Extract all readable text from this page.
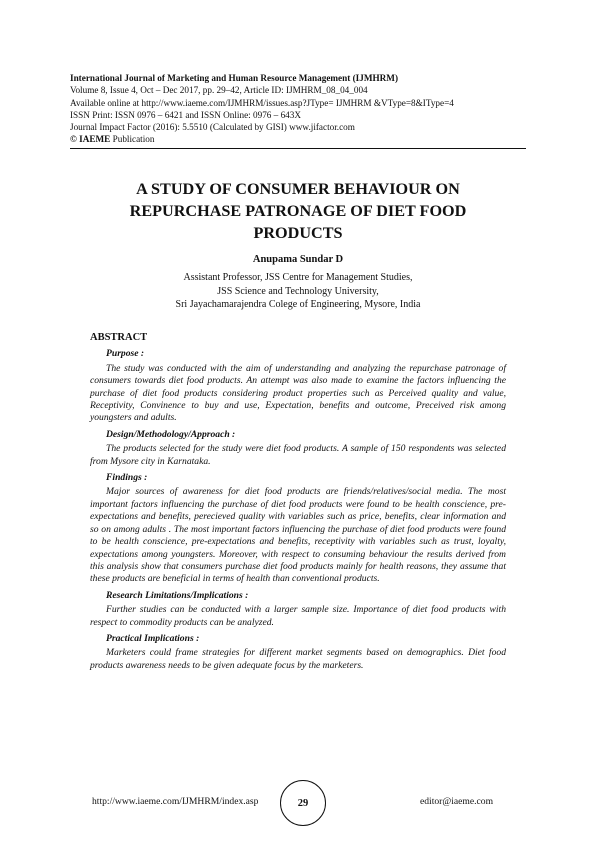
International Journal of Marketing and Human Resource Management (IJMHRM)
Volume 8, Issue 4, Oct – Dec 2017, pp. 29–42, Article ID: IJMHRM_08_04_004
Available online at http://www.iaeme.com/IJMHRM/issues.asp?JType= IJMHRM &VType=8&IType=4
ISSN Print: ISSN 0976 – 6421 and ISSN Online: 0976 – 643X
Journal Impact Factor (2016): 5.5510 (Calculated by GISI) www.jifactor.com
© IAEME Publication
A STUDY OF CONSUMER BEHAVIOUR ON
REPURCHASE PATRONAGE OF DIET FOOD
PRODUCTS
Anupama Sundar D
Assistant Professor, JSS Centre for Management Studies,
JSS Science and Technology University,
Sri Jayachamarajendra Colege of Engineering, Mysore, India
ABSTRACT
Purpose :
The study was conducted with the aim of understanding and analyzing the repurchase patronage of consumers towards diet food products. An attempt was also made to examine the factors influencing the purchase of diet food products considering product properties such as Perceived quality and value, Receptivity, Convinence to buy and use, Expectation, benefits and outcome, Preceived risk among youngsters and adults.
Design/Methodology/Approach :
The products selected for the study were diet food products. A sample of 150 respondents was selected from Mysore city in Karnataka.
Findings :
Major sources of awareness for diet food products are friends/relatives/social media. The most important factors influencing the purchase of diet food products were found to be health conscience, pre-expectations and benefits, perecieved quality with variables such as price, benefits, clear information and so on among adults . The most important factors influencing the purchase of diet food products were found to be health conscience, pre-expectations and benefits, receptivity with variables such as trust, loyalty, expectations among youngsters. Moreover, with respect to consuming behaviour the results derived from this analysis show that consumers purchase diet food products mainly for health reasons, they assume that these products are beneficial in terms of health than conventional products.
Research Limitations/Implications :
Further studies can be conducted with a larger sample size. Importance of diet food products with respect to commodity products can be analyzed.
Practical Implications :
Marketers could frame strategies for different market segments based on demographics. Diet food products awareness needs to be given adequate focus by the marketers.
http://www.iaeme.com/IJMHRM/index.asp	29	editor@iaeme.com
